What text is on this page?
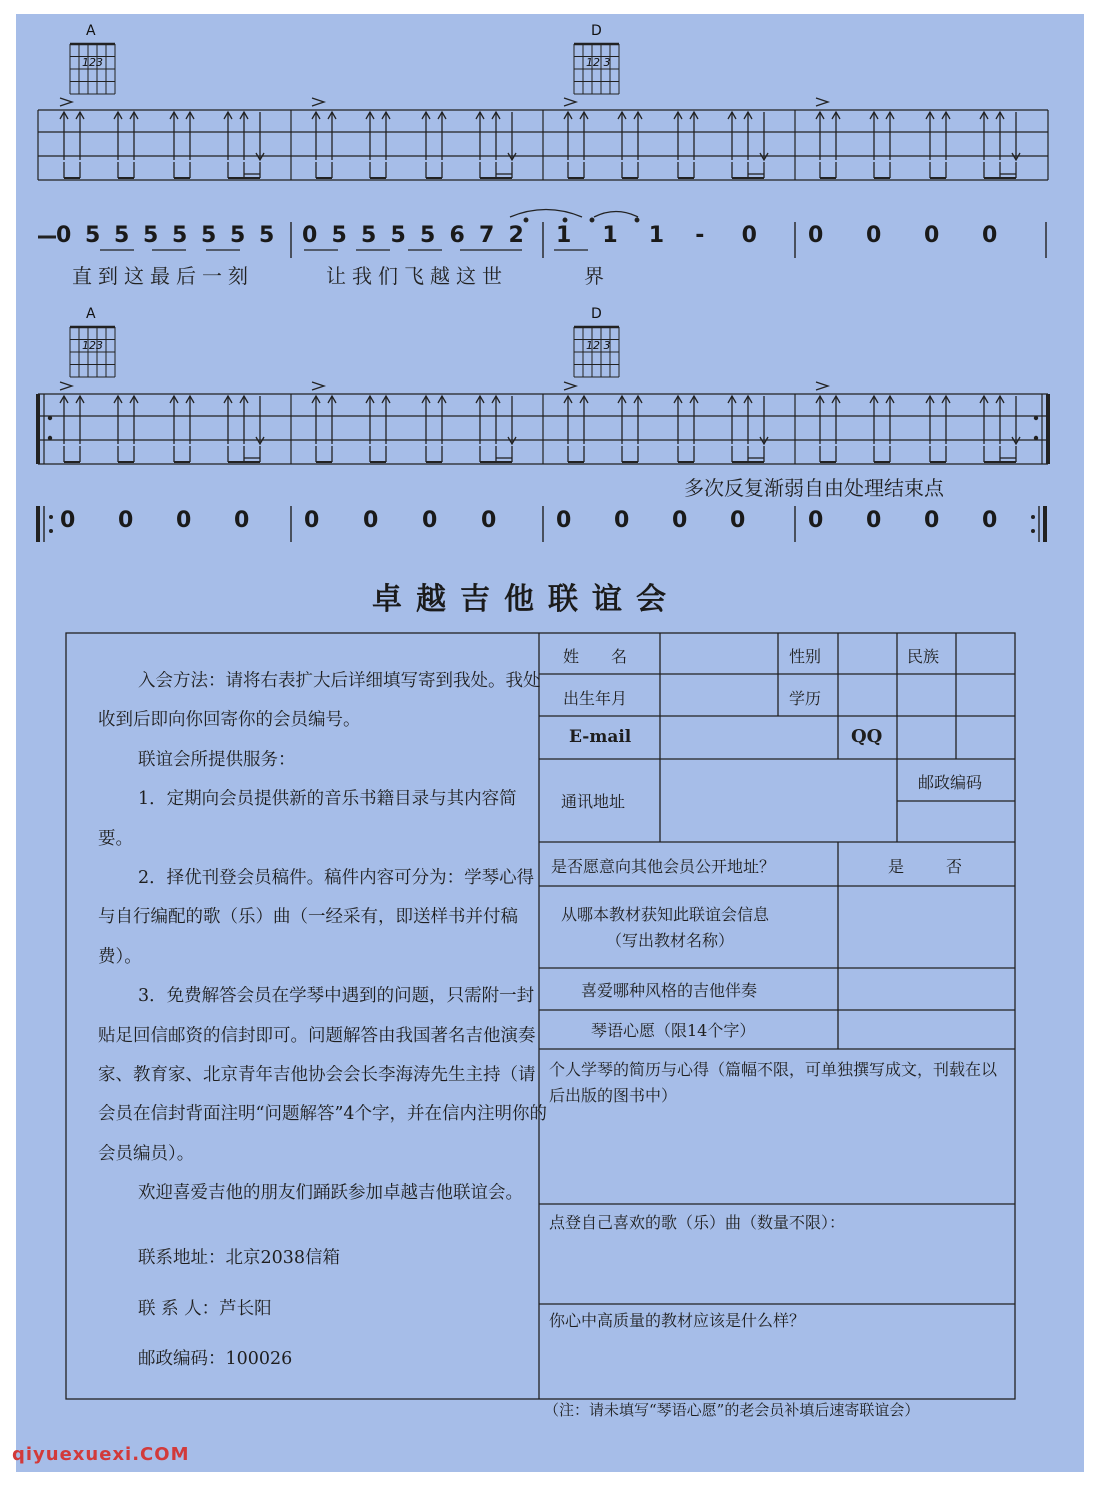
123	12 3
123	12 3
A	D
A	D
0 5 5 5 5 5 5 5 0 5 5 5 5 6 7 2 1 1 1 - 0 0 0 0 0
直到这最后一刻	让我们飞越这世	界
0 0 0 0 0 0 0 0	0 0 0 0	0 0 0 0
多次反复渐弱自由处理结束点
卓越吉他联谊会

入会方法：请将右表扩大后详细填写寄到我处。我处收到后即向你回寄你的会员编号。

联谊会所提供服务：

1．定期向会员提供新的音乐书籍目录与其内容简要。

2．择优刊登会员稿件。稿件内容可分为：学琴心得与自行编配的歌（乐）曲（一经采有，即送样书并付稿费）。

3．免费解答会员在学琴中遇到的问题，只需附一封贴足回信邮资的信封即可。问题解答由我国著名吉他演奏家、教育家、北京青年吉他协会会长李海涛先生主持（请会员在信封背面注明“问题解答”4个字，并在信内注明你的会员编员）。

欢迎喜爱吉他的朋友们踊跃参加卓越吉他联谊会。

联系地址：北京2038信箱
联 系 人：芦长阳
邮政编码：100026
姓　　名	性别	民族
出生年月	学历
E-mail	QQ
通讯地址
邮政编码
是否愿意向其他会员公开地址？	是	否
从哪本教材获知此联谊会信息
（写出教材名称）
喜爱哪种风格的吉他伴奏
琴语心愿（限14个字）
个人学琴的简历与心得（篇幅不限，可单独撰写成文，刊载在以后出版的图书中）
点登自己喜欢的歌（乐）曲（数量不限）：
你心中高质量的教材应该是什么样？
（注：请未填写“琴语心愿”的老会员补填后速寄联谊会）
qiyuexuexi.COM
